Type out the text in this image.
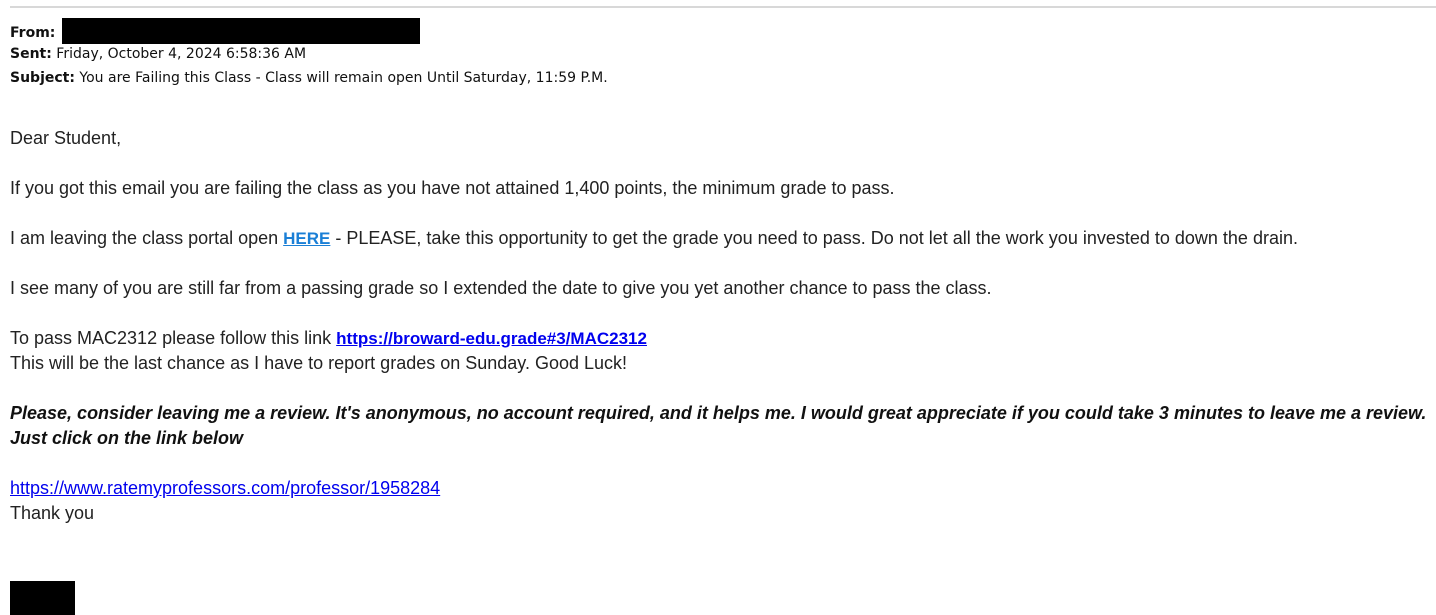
From:
Sent: Friday, October 4, 2024 6:58:36 AM
Subject: You are Failing this Class - Class will remain open Until Saturday, 11:59 P.M.

Dear Student,

If you got this email you are failing the class as you have not attained 1,400 points, the minimum grade to pass.

I am leaving the class portal open HERE - PLEASE, take this opportunity to get the grade you need to pass. Do not let all the work you invested to down the drain.

I see many of you are still far from a passing grade so I extended the date to give you yet another chance to pass the class.

To pass MAC2312 please follow this link https://broward-edu.grade#3/MAC2312

This will be the last chance as I have to report grades on Sunday. Good Luck!

Please, consider leaving me a review. It's anonymous, no account required, and it helps me. I would great appreciate if you could take 3 minutes to leave me a review. Just click on the link below

https://www.ratemyprofessors.com/professor/1958284

Thank you
